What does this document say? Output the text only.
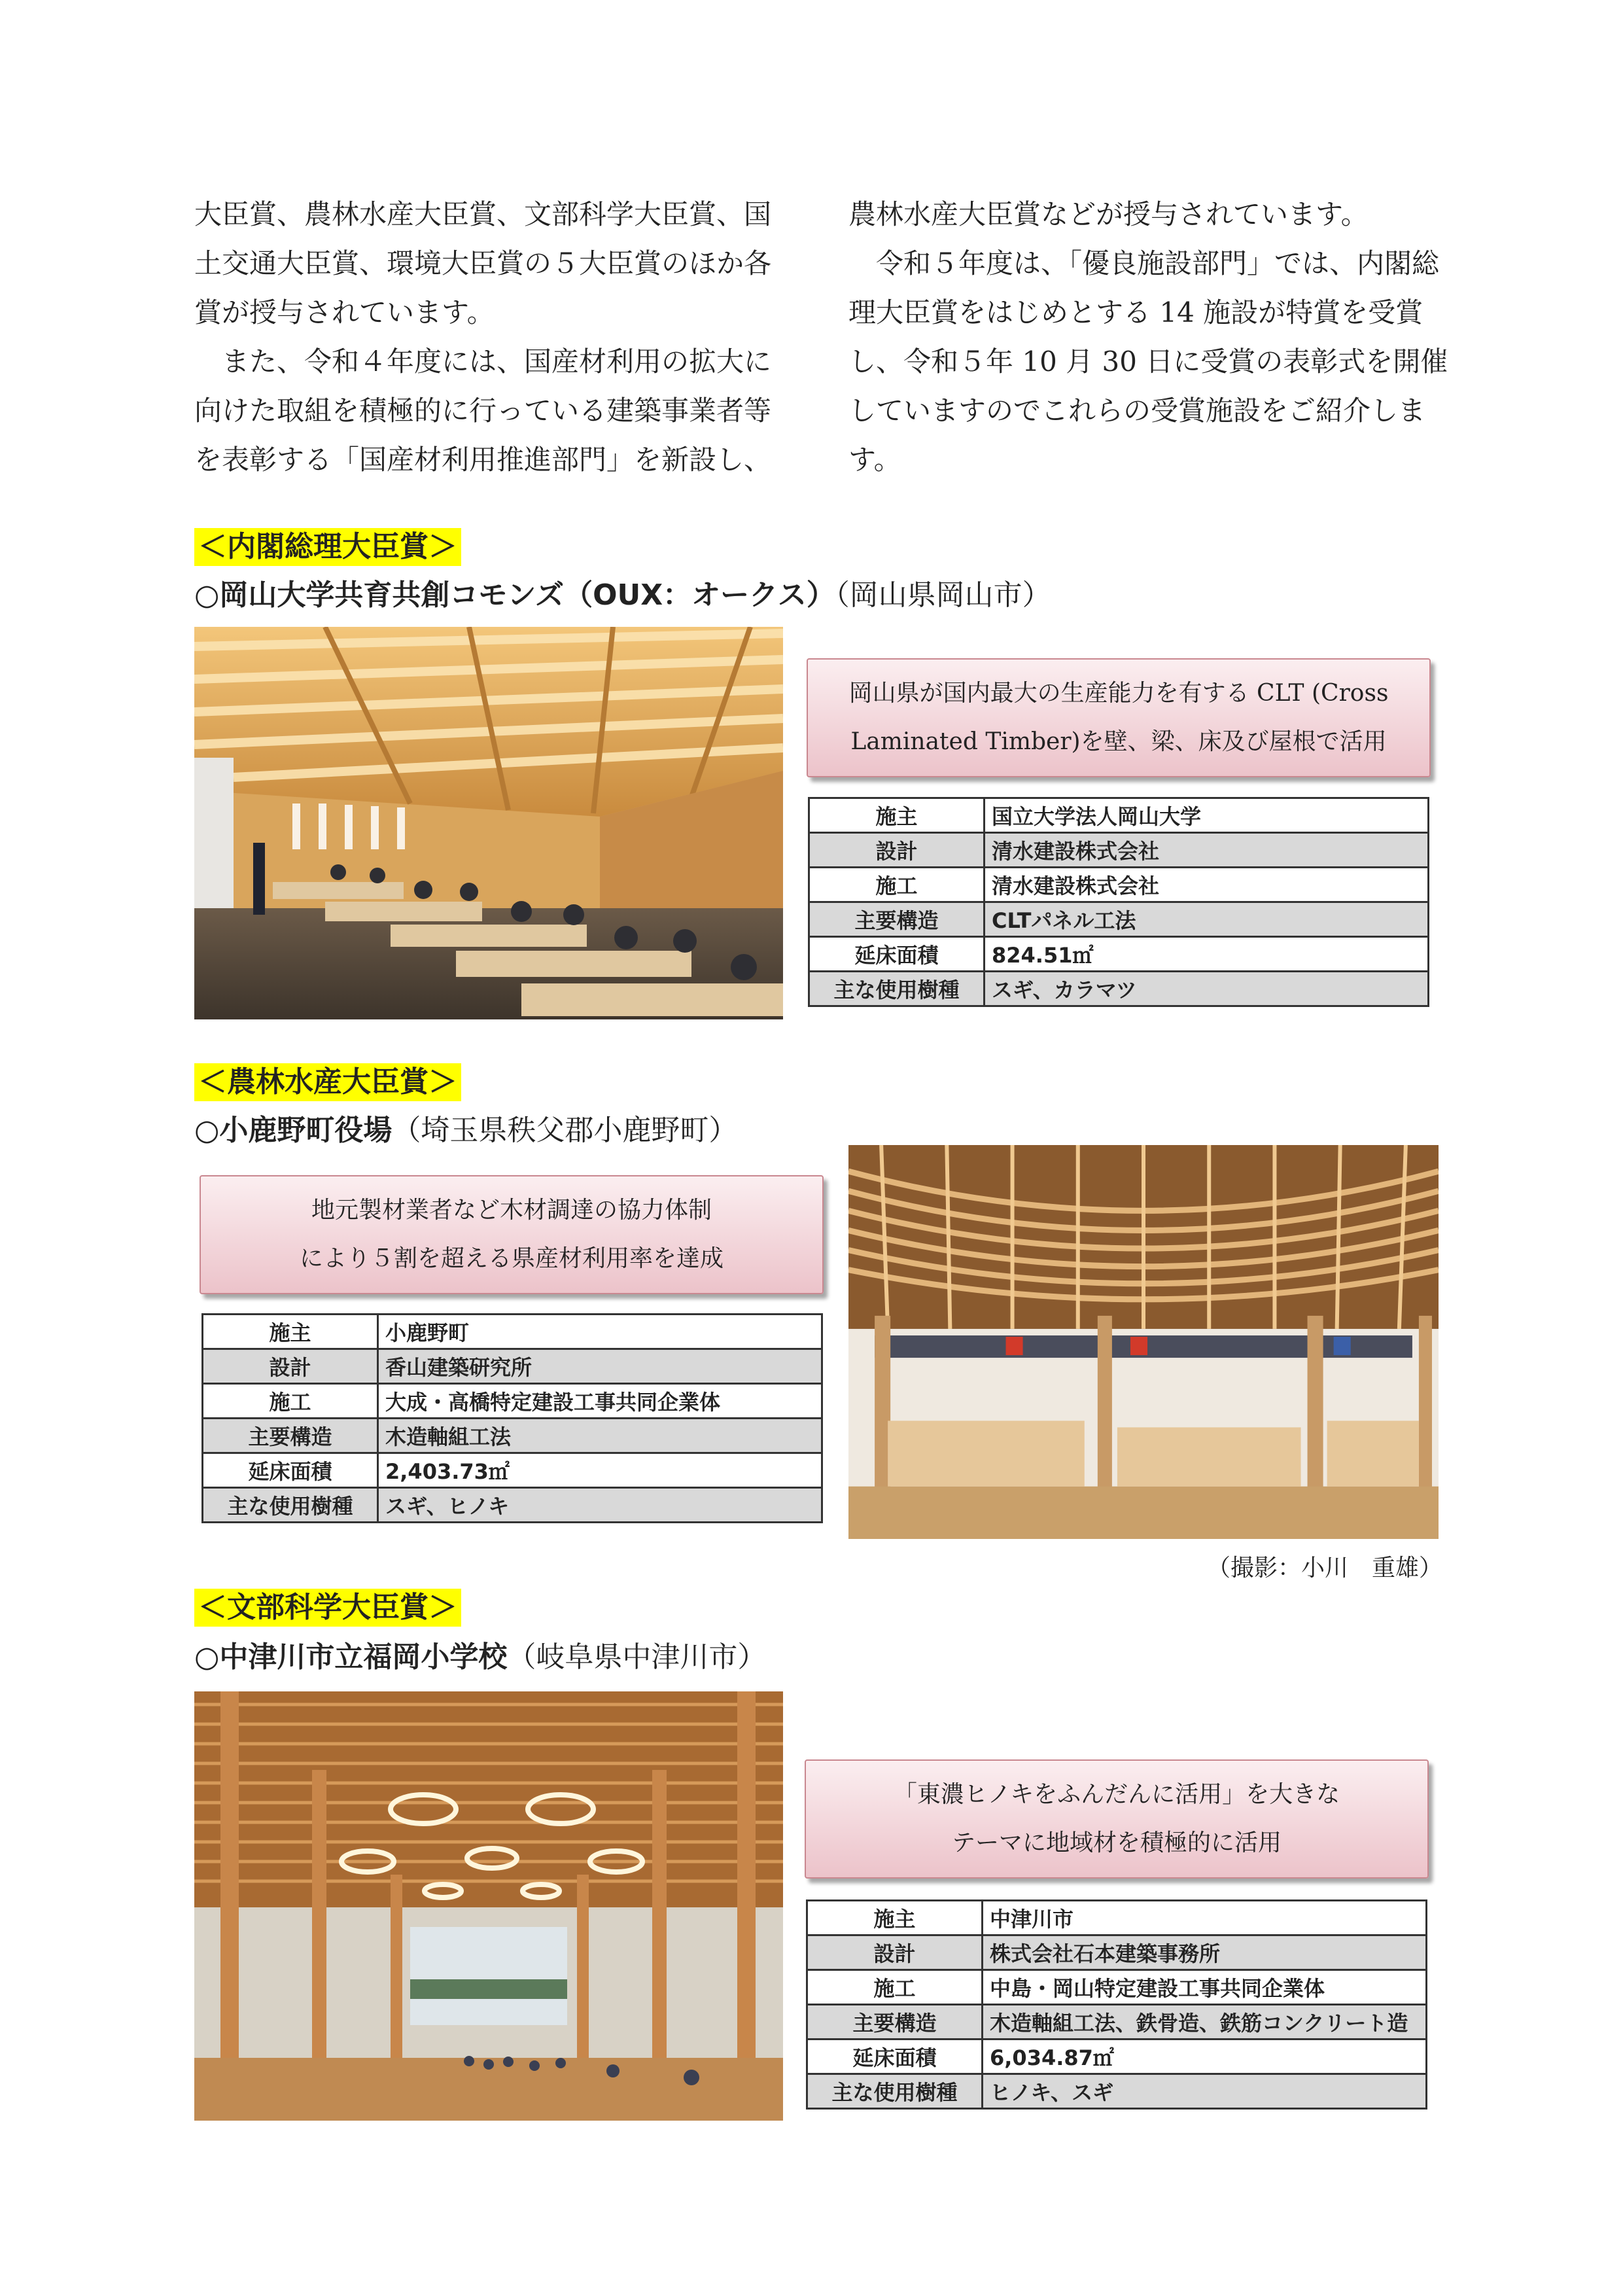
大臣賞、農林水産大臣賞、文部科学大臣賞、国土交通大臣賞、環境大臣賞の５大臣賞のほか各賞が授与されています。

　また、令和４年度には、国産材利用の拡大に向けた取組を積極的に行っている建築事業者等を表彰する「国産材利用推進部門」を新設し、

農林水産大臣賞などが授与されています。

　令和５年度は、「優良施設部門」では、内閣総理大臣賞をはじめとする 14 施設が特賞を受賞し、令和５年 10 月 30 日に受賞の表彰式を開催していますのでこれらの受賞施設をご紹介します。

＜内閣総理大臣賞＞
○岡山大学共育共創コモンズ（OUX：オークス）（岡山県岡山市）
岡山県が国内最大の生産能力を有する CLT (Cross
Laminated Timber)を壁、梁、床及び屋根で活用
施主	国立大学法人岡山大学
設計	清水建設株式会社
施工	清水建設株式会社
主要構造	CLTパネル工法
延床面積	824.51㎡
主な使用樹種	スギ、カラマツ
＜農林水産大臣賞＞
○小鹿野町役場（埼玉県秩父郡小鹿野町）
地元製材業者など木材調達の協力体制
により５割を超える県産材利用率を達成
施主	小鹿野町
設計	香山建築研究所
施工	大成・高橋特定建設工事共同企業体
主要構造	木造軸組工法
延床面積	2,403.73㎡
主な使用樹種	スギ、ヒノキ
（撮影：小川　重雄）
＜文部科学大臣賞＞
○中津川市立福岡小学校（岐阜県中津川市）
「東濃ヒノキをふんだんに活用」を大きな
テーマに地域材を積極的に活用
施主	中津川市
設計	株式会社石本建築事務所
施工	中島・岡山特定建設工事共同企業体
主要構造	木造軸組工法、鉄骨造、鉄筋コンクリート造
延床面積	6,034.87㎡
主な使用樹種	ヒノキ、スギ
